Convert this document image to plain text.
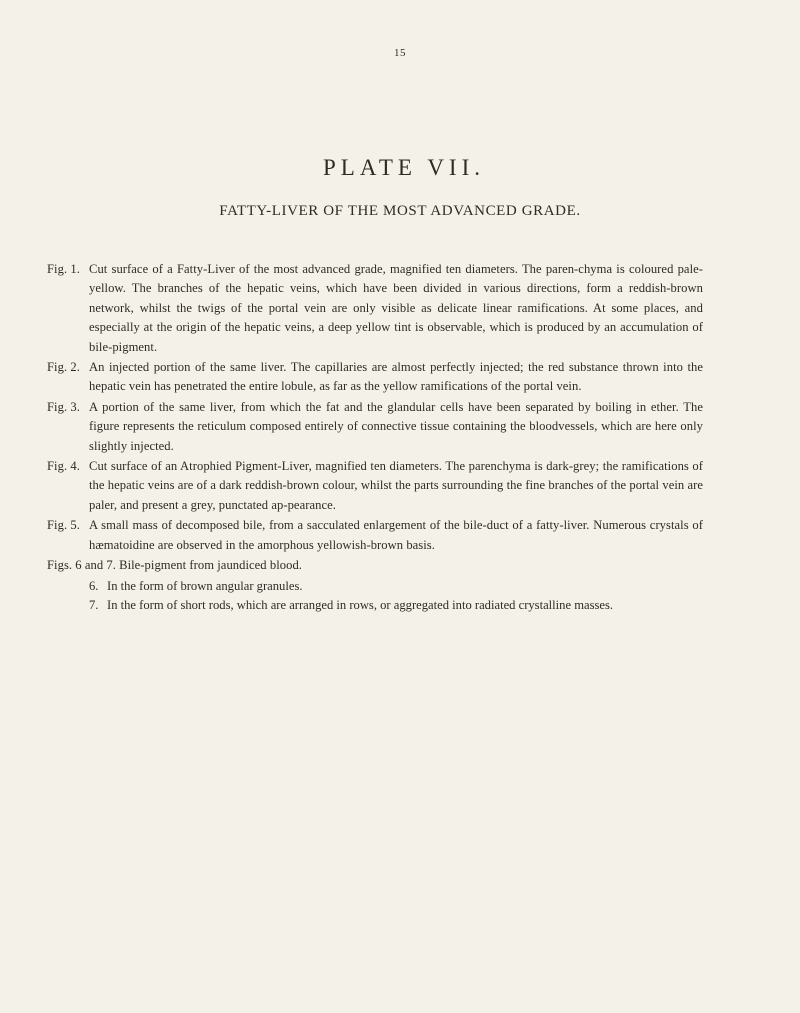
15
PLATE VII.
FATTY-LIVER OF THE MOST ADVANCED GRADE.
Fig. 1. Cut surface of a Fatty-Liver of the most advanced grade, magnified ten diameters. The paren-chyma is coloured pale-yellow. The branches of the hepatic veins, which have been divided in various directions, form a reddish-brown network, whilst the twigs of the portal vein are only visible as delicate linear ramifications. At some places, and especially at the origin of the hepatic veins, a deep yellow tint is observable, which is produced by an accumulation of bile-pigment.
Fig. 2. An injected portion of the same liver. The capillaries are almost perfectly injected; the red substance thrown into the hepatic vein has penetrated the entire lobule, as far as the yellow ramifications of the portal vein.
Fig. 3. A portion of the same liver, from which the fat and the glandular cells have been separated by boiling in ether. The figure represents the reticulum composed entirely of connective tissue containing the bloodvessels, which are here only slightly injected.
Fig. 4. Cut surface of an Atrophied Pigment-Liver, magnified ten diameters. The parenchyma is dark-grey; the ramifications of the hepatic veins are of a dark reddish-brown colour, whilst the parts surrounding the fine branches of the portal vein are paler, and present a grey, punctated ap-pearance.
Fig. 5. A small mass of decomposed bile, from a sacculated enlargement of the bile-duct of a fatty-liver. Numerous crystals of hæmatoidine are observed in the amorphous yellowish-brown basis.
Figs. 6 and 7. Bile-pigment from jaundiced blood.
6. In the form of brown angular granules.
7. In the form of short rods, which are arranged in rows, or aggregated into radiated crystalline masses.
